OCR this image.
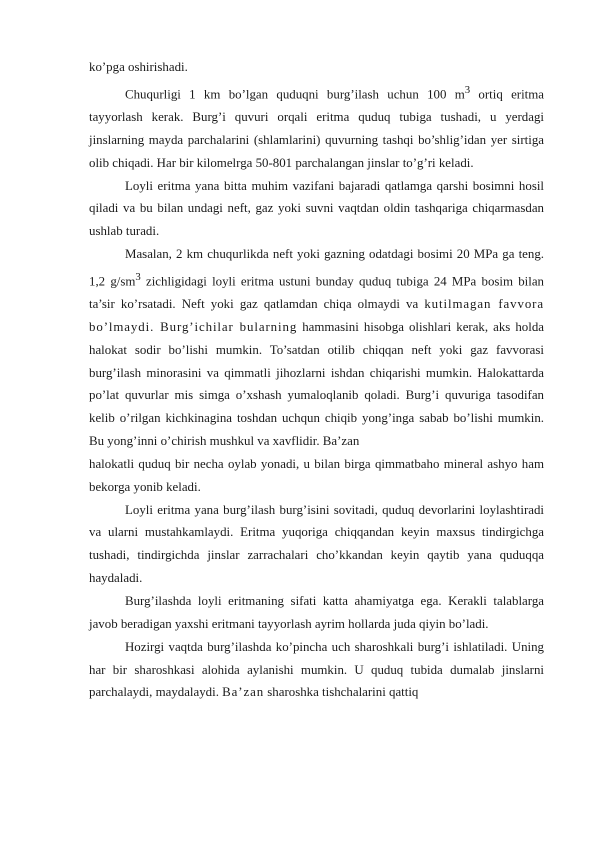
ko’pga oshirishadi.

Chuqurligi 1 km bo’lgan quduqni burg’ilash uchun 100 $m^3$ ortiq eritma tayyorlash kerak. Burg’i quvuri orqali eritma quduq tubiga tushadi, u yerdagi jinslarning mayda parchalarini (shlamlarini) quvurning tashqi bo’shlig’idan yer sirtiga olib chiqadi. Har bir kilomelrga 50-801 parchalangan jinslar to’g’ri keladi.

Loyli eritma yana bitta muhim vazifani bajaradi qatlamga qarshi bosimni hosil qiladi va bu bilan undagi neft, gaz yoki suvni vaqtdan oldin tashqariga chiqarmasdan ushlab turadi.

Masalan, 2 km chuqurlikda neft yoki gazning odatdagi bosimi 20 MPa ga teng. 1,2 $g/sm^3$ zichligidagi loyli eritma ustuni bunday quduq tubiga 24 MPa bosim bilan ta’sir ko’rsatadi. Neft yoki gaz qatlamdan chiqa olmaydi va kutilmagan favvora bo’lmaydi. Burg’ichilar bularning hammasini hisobga olishlari kerak, aks holda halokat sodir bo’lishi mumkin. To’satdan otilib chiqqan neft yoki gaz favvorasi burg’ilash minorasini va qimmatli jihozlarni ishdan chiqarishi mumkin. Halokattarda po’lat quvurlar mis simga o’xshash yumaloqlanib qoladi. Burg’i quvuriga tasodifan kelib o’rilgan kichkinagina toshdan uchqun chiqib yong’inga sabab bo’lishi mumkin. Bu yong’inni o’chirish mushkul va xavflidir. Ba’zan

halokatli quduq bir necha oylab yonadi, u bilan birga qimmatbaho mineral ashyo ham bekorga yonib keladi.

Loyli eritma yana burg’ilash burg’isini sovitadi, quduq devorlarini loylashtiradi va ularni mustahkamlaydi. Eritma yuqoriga chiqqandan keyin maxsus tindirgichga tushadi, tindirgichda jinslar zarrachalari cho’kkandan keyin qaytib yana quduqqa haydaladi.

Burg’ilashda loyli eritmaning sifati katta ahamiyatga ega. Kerakli talablarga javob beradigan yaxshi eritmani tayyorlash ayrim hollarda juda qiyin bo’ladi.

Hozirgi vaqtda burg’ilashda ko’pincha uch sharoshkali burg’i ishlatiladi. Uning har bir sharoshkasi alohida aylanishi mumkin. U quduq tubida dumalab jinslarni parchalaydi, maydalaydi. Ba’zan sharoshka tishchalarini qattiq
